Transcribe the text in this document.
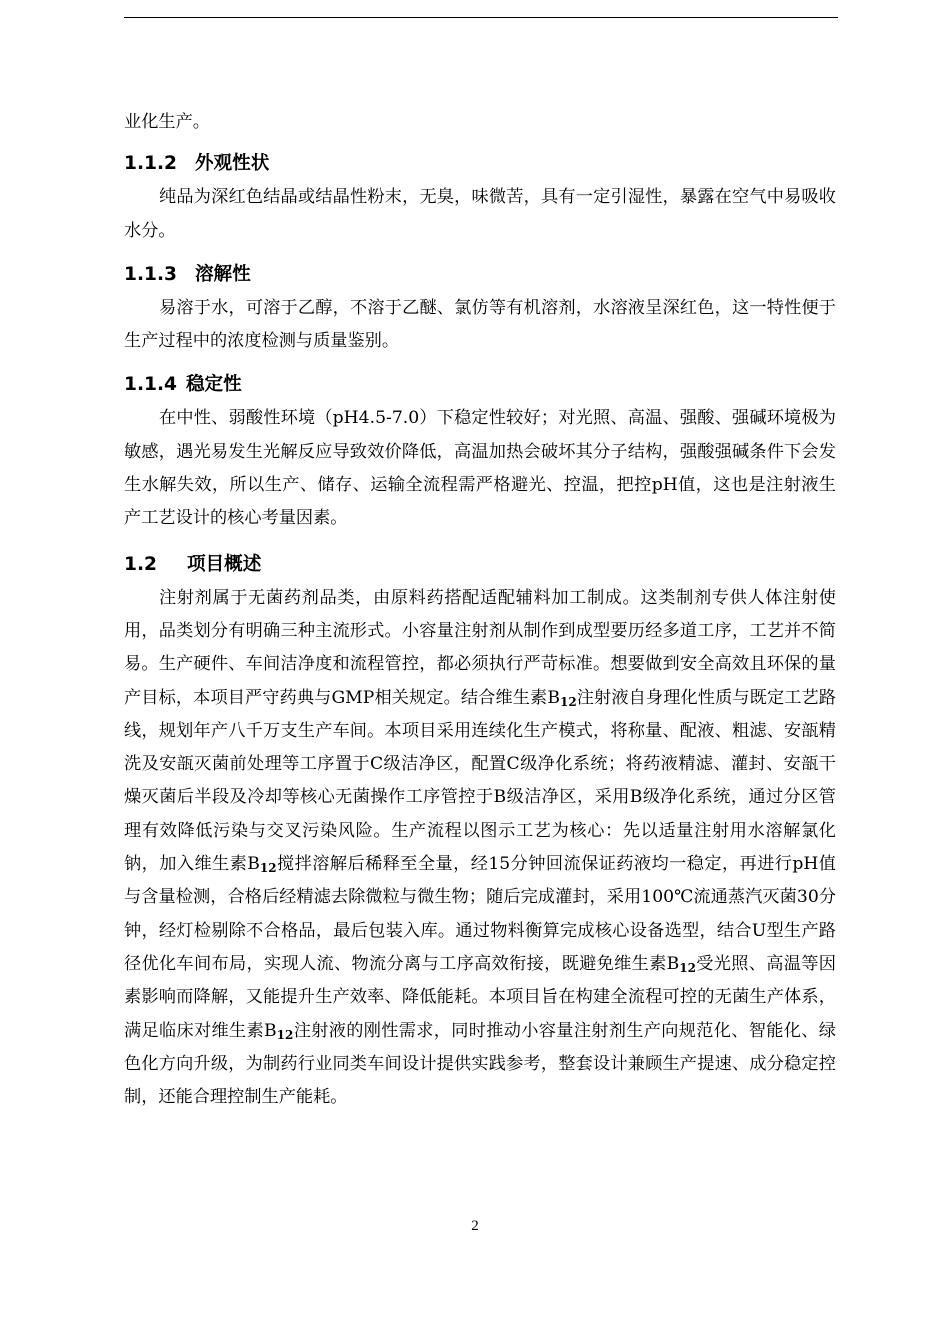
业化生产。

1.1.2 外观性状

纯品为深红色结晶或结晶性粉末，无臭，味微苦，具有一定引湿性，暴露在空气中易吸收水分。

1.1.3 溶解性

易溶于水，可溶于乙醇，不溶于乙醚、氯仿等有机溶剂，水溶液呈深红色，这一特性便于生产过程中的浓度检测与质量鉴别。

1.1.4 稳定性

在中性、弱酸性环境（pH4.5-7.0）下稳定性较好；对光照、高温、强酸、强碱环境极为敏感，遇光易发生光解反应导致效价降低，高温加热会破坏其分子结构，强酸强碱条件下会发生水解失效，所以生产、储存、运输全流程需严格避光、控温，把控pH值，这也是注射液生产工艺设计的核心考量因素。

1.2 项目概述

注射剂属于无菌药剂品类，由原料药搭配适配辅料加工制成。这类制剂专供人体注射使用，品类划分有明确三种主流形式。小容量注射剂从制作到成型要历经多道工序，工艺并不简易。生产硬件、车间洁净度和流程管控，都必须执行严苛标准。想要做到安全高效且环保的量产目标，本项目严守药典与GMP相关规定。结合维生素$B_{12}$注射液自身理化性质与既定工艺路线，规划年产八千万支生产车间。本项目采用连续化生产模式，将称量、配液、粗滤、安瓿精洗及安瓿灭菌前处理等工序置于C级洁净区，配置C级净化系统；将药液精滤、灌封、安瓿干燥灭菌后半段及冷却等核心无菌操作工序管控于B级洁净区，采用B级净化系统，通过分区管理有效降低污染与交叉污染风险。生产流程以图示工艺为核心：先以适量注射用水溶解氯化钠，加入维生素$B_{12}$搅拌溶解后稀释至全量，经15分钟回流保证药液均一稳定，再进行pH值与含量检测，合格后经精滤去除微粒与微生物；随后完成灌封，采用100℃流通蒸汽灭菌30分钟，经灯检剔除不合格品，最后包装入库。通过物料衡算完成核心设备选型，结合U型生产路径优化车间布局，实现人流、物流分离与工序高效衔接，既避免维生素$B_{12}$受光照、高温等因素影响而降解，又能提升生产效率、降低能耗。本项目旨在构建全流程可控的无菌生产体系，满足临床对维生素$B_{12}$注射液的刚性需求，同时推动小容量注射剂生产向规范化、智能化、绿色化方向升级，为制药行业同类车间设计提供实践参考，整套设计兼顾生产提速、成分稳定控制，还能合理控制生产能耗。

2
